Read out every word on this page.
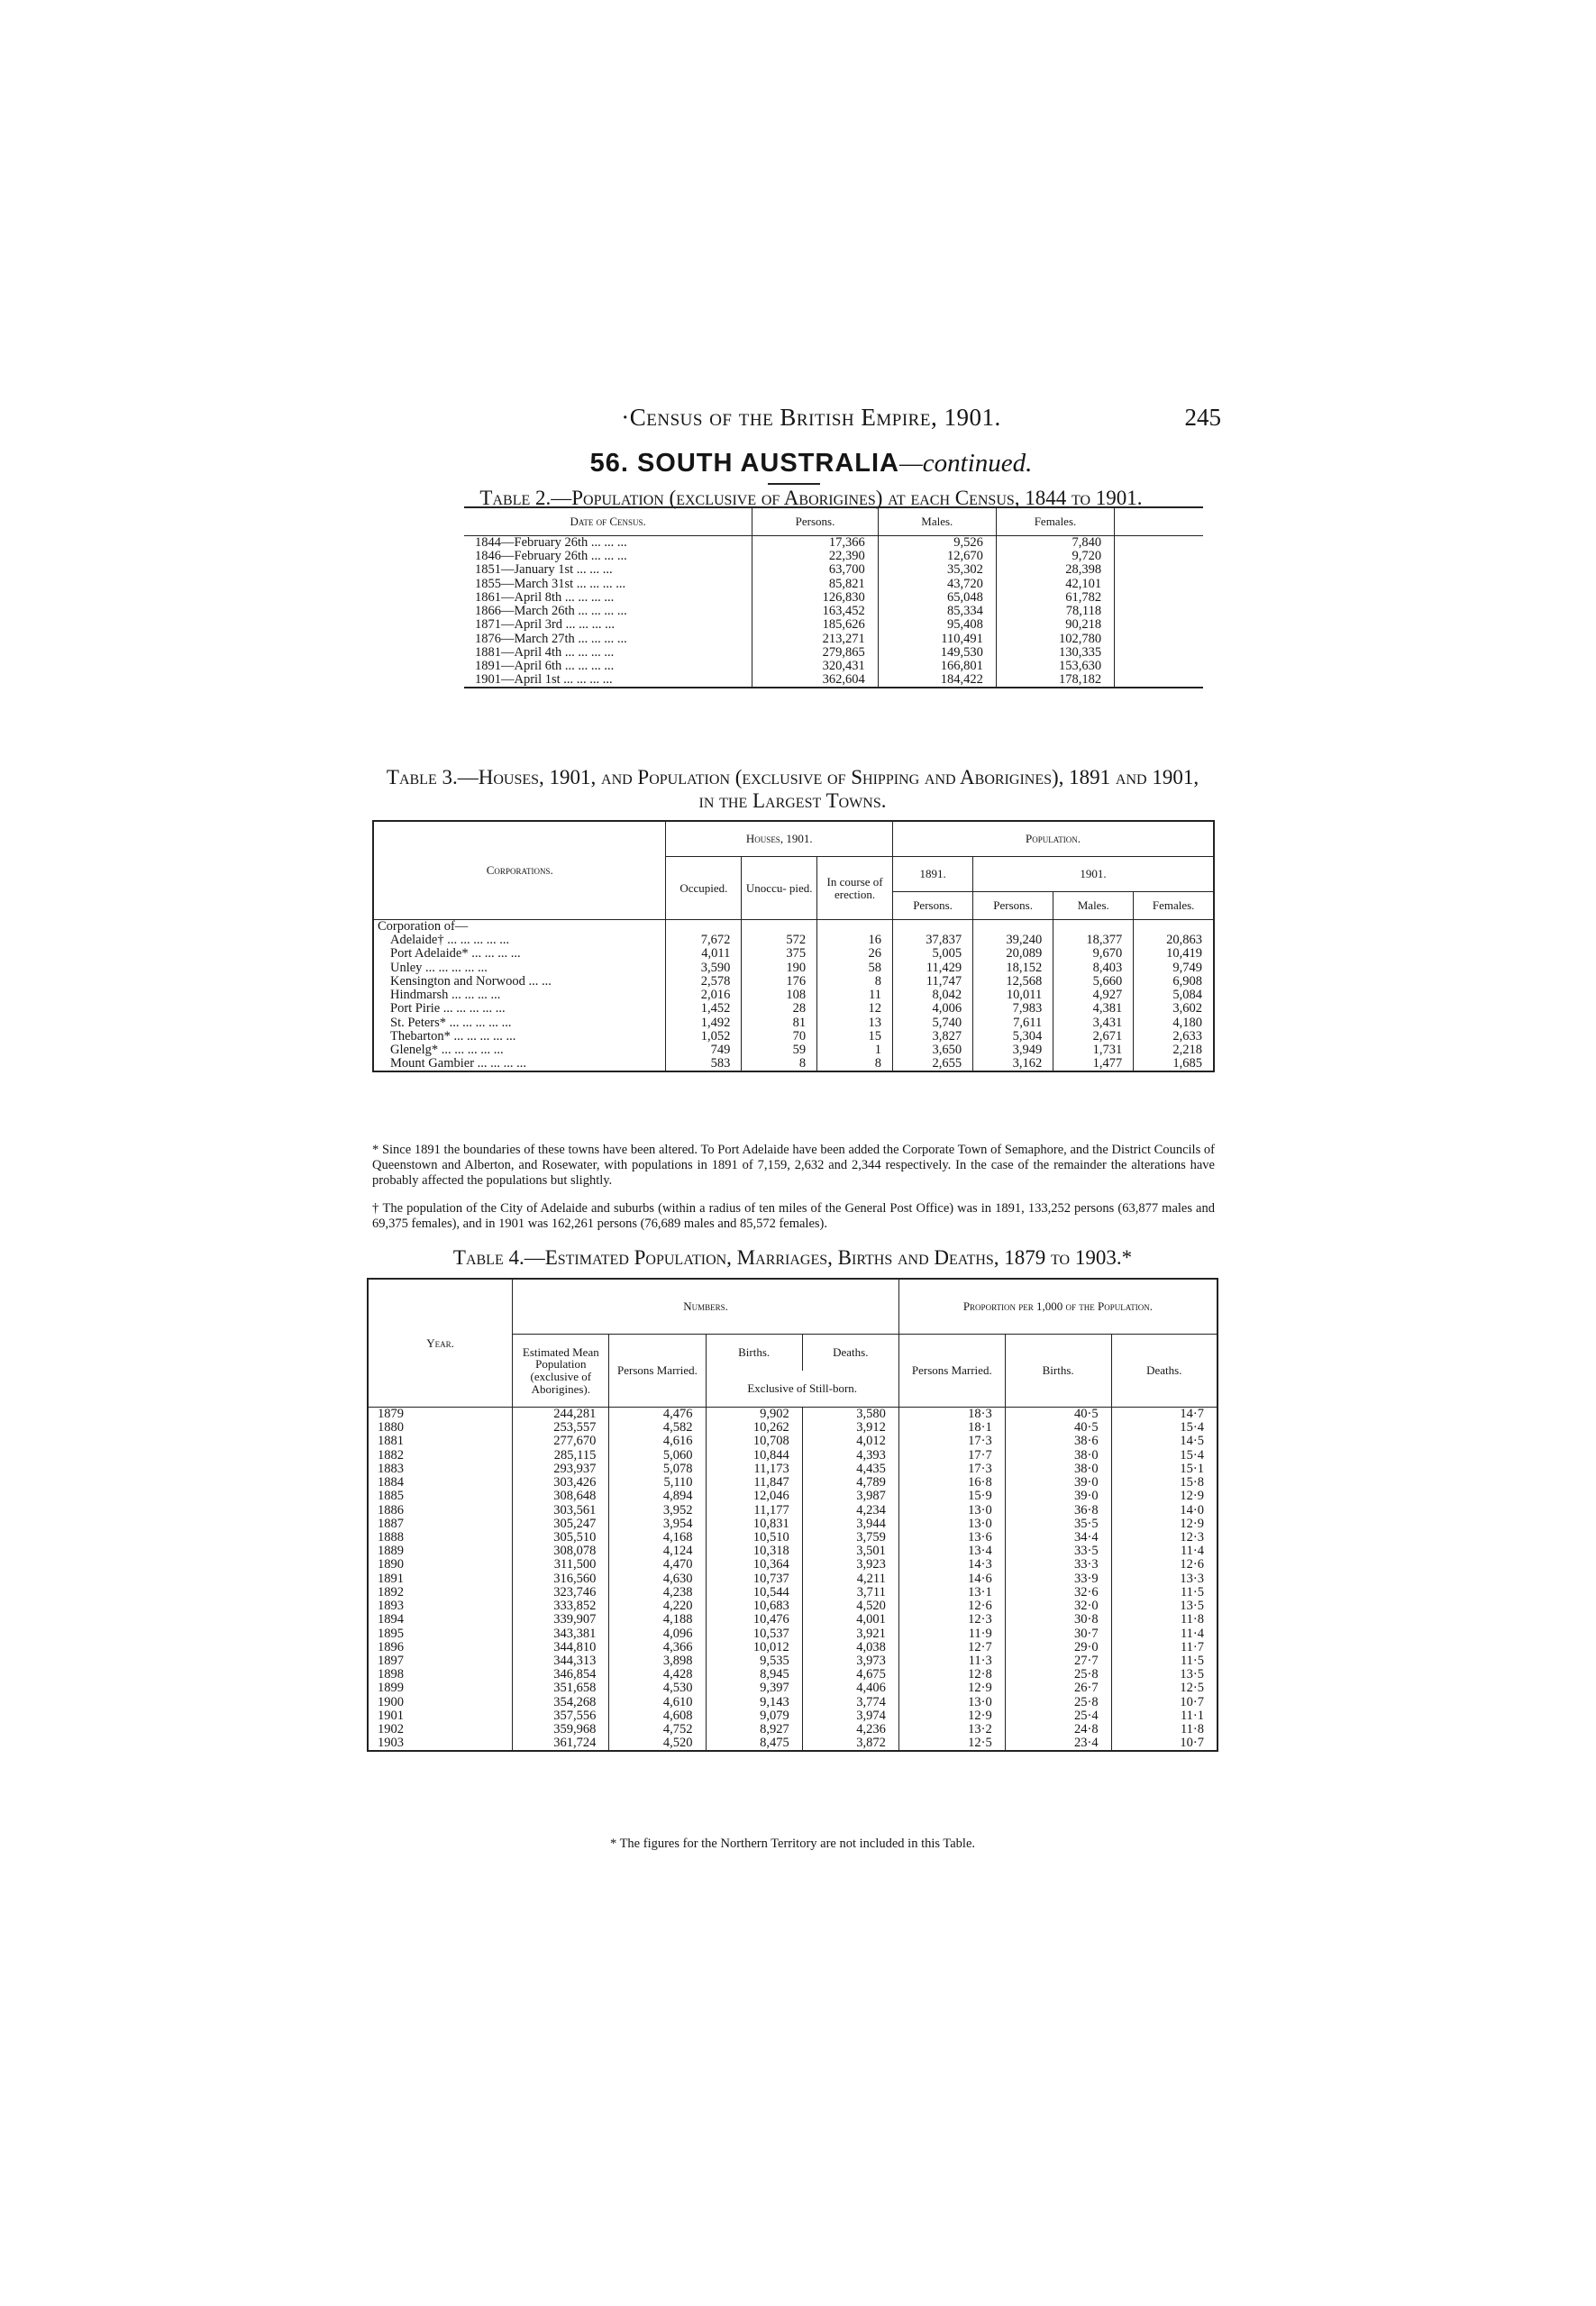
·Census of the British Empire, 1901.	245
56. SOUTH AUSTRALIA—continued.
Table 2.—Population (exclusive of Aborigines) at each Census, 1844 to 1901.
Date of Census.	Persons.	Males.	Females.	
1844—February 26th ... ... ...	17,366	9,526	7,840	
1846—February 26th ... ... ...	22,390	12,670	9,720	
1851—January 1st ... ... ...	63,700	35,302	28,398	
1855—March 31st ... ... ... ...	85,821	43,720	42,101	
1861—April 8th ... ... ... ...	126,830	65,048	61,782	
1866—March 26th ... ... ... ...	163,452	85,334	78,118	
1871—April 3rd ... ... ... ...	185,626	95,408	90,218	
1876—March 27th ... ... ... ...	213,271	110,491	102,780	
1881—April 4th ... ... ... ...	279,865	149,530	130,335	
1891—April 6th ... ... ... ...	320,431	166,801	153,630	
1901—April 1st ... ... ... ...	362,604	184,422	178,182	
Table 3.—Houses, 1901, and Population (exclusive of Shipping and Aborigines), 1891 and 1901,
in the Largest Towns.
Corporations.	Houses, 1901.			Population.			
	Occupied.	Unoccu- pied.	In course of erection.	1891.	1901.		
				Persons.	Persons.	Males.	Females.
Corporation of—							
Adelaide† ... ... ... ... ...	7,672	572	16	37,837	39,240	18,377	20,863
Port Adelaide* ... ... ... ...	4,011	375	26	5,005	20,089	9,670	10,419
Unley ... ... ... ... ...	3,590	190	58	11,429	18,152	8,403	9,749
Kensington and Norwood ... ...	2,578	176	8	11,747	12,568	5,660	6,908
Hindmarsh ... ... ... ...	2,016	108	11	8,042	10,011	4,927	5,084
Port Pirie ... ... ... ... ...	1,452	28	12	4,006	7,983	4,381	3,602
St. Peters* ... ... ... ... ...	1,492	81	13	5,740	7,611	3,431	4,180
Thebarton* ... ... ... ... ...	1,052	70	15	3,827	5,304	2,671	2,633
Glenelg* ... ... ... ... ...	749	59	1	3,650	3,949	1,731	2,218
Mount Gambier ... ... ... ...	583	8	8	2,655	3,162	1,477	1,685
* Since 1891 the boundaries of these towns have been altered. To Port Adelaide have been added the Corporate Town of Semaphore, and the District Councils of Queenstown and Alberton, and Rosewater, with populations in 1891 of 7,159, 2,632 and 2,344 respectively. In the case of the remainder the alterations have probably affected the populations but slightly.
† The population of the City of Adelaide and suburbs (within a radius of ten miles of the General Post Office) was in 1891, 133,252 persons (63,877 males and 69,375 females), and in 1901 was 162,261 persons (76,689 males and 85,572 females).
Table 4.—Estimated Population, Marriages, Births and Deaths, 1879 to 1903.*
Year.	Numbers.				Proportion per 1,000 of the Population.		
	Estimated Mean Population (exclusive of Aborigines).	Persons Married.	Births.	Deaths.	Persons Married.	Births.	Deaths.
			Exclusive of Still-born.				
1879	244,281	4,476	9,902	3,580	18·3	40·5	14·7
1880	253,557	4,582	10,262	3,912	18·1	40·5	15·4
1881	277,670	4,616	10,708	4,012	17·3	38·6	14·5
1882	285,115	5,060	10,844	4,393	17·7	38·0	15·4
1883	293,937	5,078	11,173	4,435	17·3	38·0	15·1
1884	303,426	5,110	11,847	4,789	16·8	39·0	15·8
1885	308,648	4,894	12,046	3,987	15·9	39·0	12·9
1886	303,561	3,952	11,177	4,234	13·0	36·8	14·0
1887	305,247	3,954	10,831	3,944	13·0	35·5	12·9
1888	305,510	4,168	10,510	3,759	13·6	34·4	12·3
1889	308,078	4,124	10,318	3,501	13·4	33·5	11·4
1890	311,500	4,470	10,364	3,923	14·3	33·3	12·6
1891	316,560	4,630	10,737	4,211	14·6	33·9	13·3
1892	323,746	4,238	10,544	3,711	13·1	32·6	11·5
1893	333,852	4,220	10,683	4,520	12·6	32·0	13·5
1894	339,907	4,188	10,476	4,001	12·3	30·8	11·8
1895	343,381	4,096	10,537	3,921	11·9	30·7	11·4
1896	344,810	4,366	10,012	4,038	12·7	29·0	11·7
1897	344,313	3,898	9,535	3,973	11·3	27·7	11·5
1898	346,854	4,428	8,945	4,675	12·8	25·8	13·5
1899	351,658	4,530	9,397	4,406	12·9	26·7	12·5
1900	354,268	4,610	9,143	3,774	13·0	25·8	10·7
1901	357,556	4,608	9,079	3,974	12·9	25·4	11·1
1902	359,968	4,752	8,927	4,236	13·2	24·8	11·8
1903	361,724	4,520	8,475	3,872	12·5	23·4	10·7
* The figures for the Northern Territory are not included in this Table.
